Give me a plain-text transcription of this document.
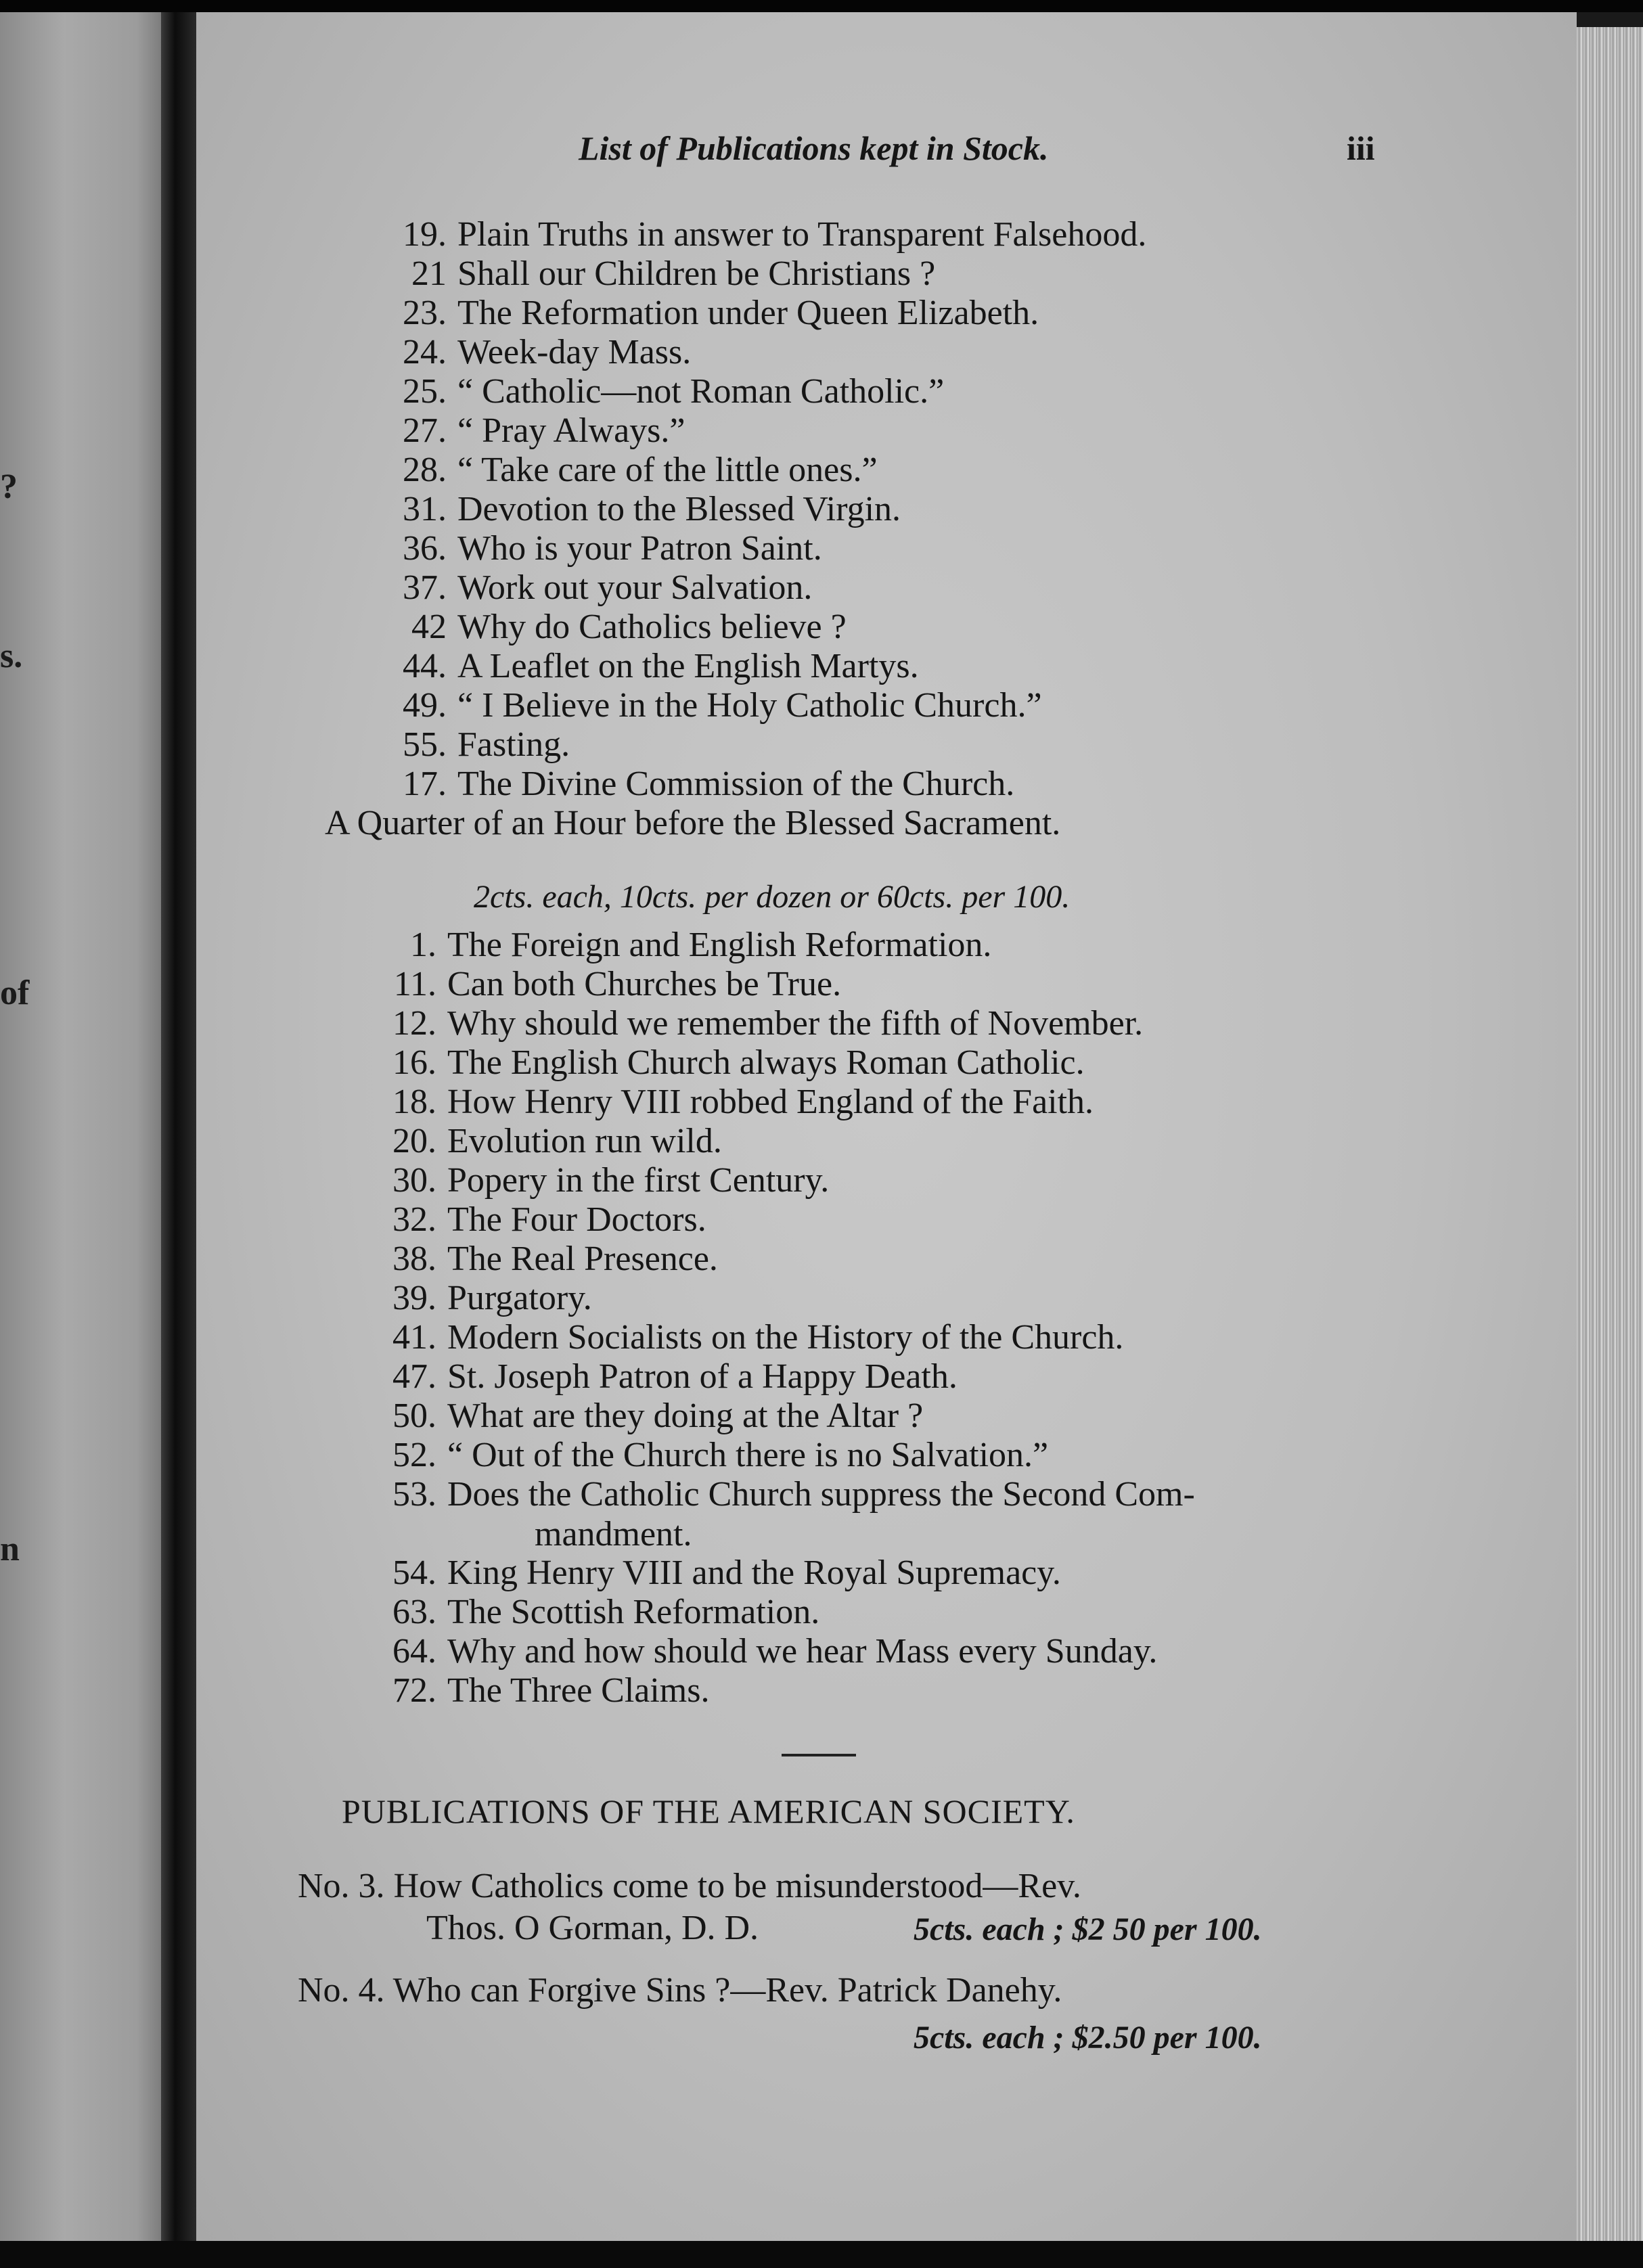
?
s.
of
n
List of Publications kept in Stock.	iii
19. Plain Truths in answer to Transparent Falsehood.
21 Shall our Children be Christians ?
23. The Reformation under Queen Elizabeth.
24. Week-day Mass.
25. “ Catholic—not Roman Catholic.”
27. “ Pray Always.”
28. “ Take care of the little ones.”
31. Devotion to the Blessed Virgin.
36. Who is your Patron Saint.
37. Work out your Salvation.
42 Why do Catholics believe ?
44. A Leaflet on the English Martys.
49. “ I Believe in the Holy Catholic Church.”
55. Fasting.
17. The Divine Commission of the Church.
A Quarter of an Hour before the Blessed Sacrament.
2cts. each, 10cts. per dozen or 60cts. per 100.
1. The Foreign and English Reformation.
11. Can both Churches be True.
12. Why should we remember the fifth of November.
16. The English Church always Roman Catholic.
18. How Henry VIII robbed England of the Faith.
20. Evolution run wild.
30. Popery in the first Century.
32. The Four Doctors.
38. The Real Presence.
39. Purgatory.
41. Modern Socialists on the History of the Church.
47. St. Joseph Patron of a Happy Death.
50. What are they doing at the Altar ?
52. “ Out of the Church there is no Salvation.”
53. Does the Catholic Church suppress the Second Com-
mandment.
54. King Henry VIII and the Royal Supremacy.
63. The Scottish Reformation.
64. Why and how should we hear Mass every Sunday.
72. The Three Claims.
PUBLICATIONS OF THE AMERICAN SOCIETY.
No. 3. How Catholics come to be misunderstood—Rev.
Thos. O Gorman, D. D.	5cts. each ; $2 50 per 100.
No. 4. Who can Forgive Sins ?—Rev. Patrick Danehy.
5cts. each ; $2.50 per 100.
